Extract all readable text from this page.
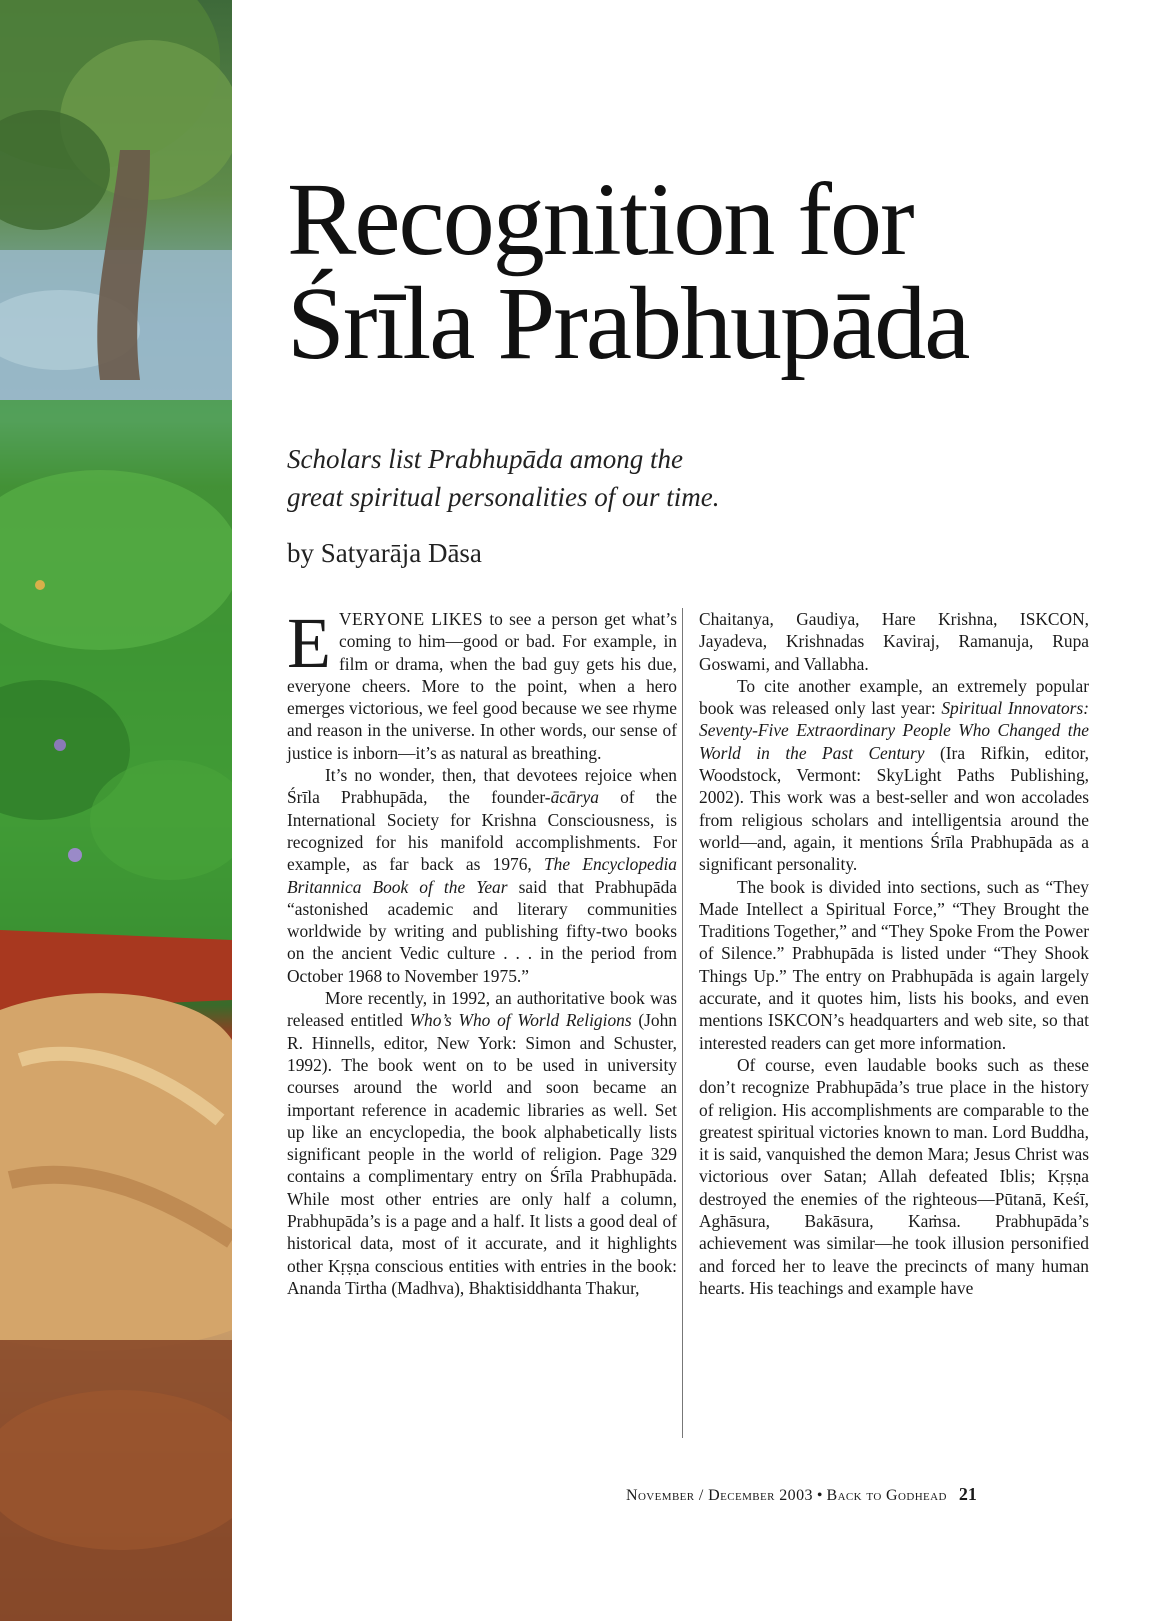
Recognition for
Śrīla Prabhupāda
Scholars list Prabhupāda among the
great spiritual personalities of our time.
by Satyarāja Dāsa

EVERYONE LIKES to see a person get what’s coming to him—good or bad. For example, in film or drama, when the bad guy gets his due, everyone cheers. More to the point, when a hero emerges victorious, we feel good because we see rhyme and reason in the universe. In other words, our sense of justice is inborn—it’s as natural as breathing.

It’s no wonder, then, that devotees rejoice when Śrīla Prabhupāda, the founder-ācārya of the International Society for Krishna Consciousness, is recognized for his manifold accomplishments. For example, as far back as 1976, The Encyclopedia Britannica Book of the Year said that Prabhupāda “astonished academic and literary communities worldwide by writing and publishing fifty-two books on the ancient Vedic culture . . . in the period from October 1968 to November 1975.”

More recently, in 1992, an authoritative book was released entitled Who’s Who of World Religions (John R. Hinnells, editor, New York: Simon and Schuster, 1992). The book went on to be used in university courses around the world and soon became an important reference in academic libraries as well. Set up like an encyclopedia, the book alphabetically lists significant people in the world of religion. Page 329 contains a complimentary entry on Śrīla Prabhupāda. While most other entries are only half a column, Prabhupāda’s is a page and a half. It lists a good deal of historical data, most of it accurate, and it highlights other Kṛṣṇa conscious entities with entries in the book: Ananda Tirtha (Madhva), Bhaktisiddhanta Thakur,

Chaitanya, Gaudiya, Hare Krishna, ISKCON, Jayadeva, Krishnadas Kaviraj, Ramanuja, Rupa Goswami, and Vallabha.

To cite another example, an extremely popular book was released only last year: Spiritual Innovators: Seventy-Five Extraordinary People Who Changed the World in the Past Century (Ira Rifkin, editor, Woodstock, Vermont: SkyLight Paths Publishing, 2002). This work was a best-seller and won accolades from religious scholars and intelligentsia around the world—and, again, it mentions Śrīla Prabhupāda as a significant personality.

The book is divided into sections, such as “They Made Intellect a Spiritual Force,” “They Brought the Traditions Together,” and “They Spoke From the Power of Silence.” Prabhupāda is listed under “They Shook Things Up.” The entry on Prabhupāda is again largely accurate, and it quotes him, lists his books, and even mentions ISKCON’s headquarters and web site, so that interested readers can get more information.

Of course, even laudable books such as these don’t recognize Prabhupāda’s true place in the history of religion. His accomplishments are comparable to the greatest spiritual victories known to man. Lord Buddha, it is said, vanquished the demon Mara; Jesus Christ was victorious over Satan; Allah defeated Iblis; Kṛṣṇa destroyed the enemies of the righteous—Pūtanā, Keśī, Aghāsura, Bakāsura, Kaṁsa. Prabhupāda’s achievement was similar—he took illusion personified and forced her to leave the precincts of many human hearts. His teachings and example have

November / December 2003 • Back to Godhead 21
